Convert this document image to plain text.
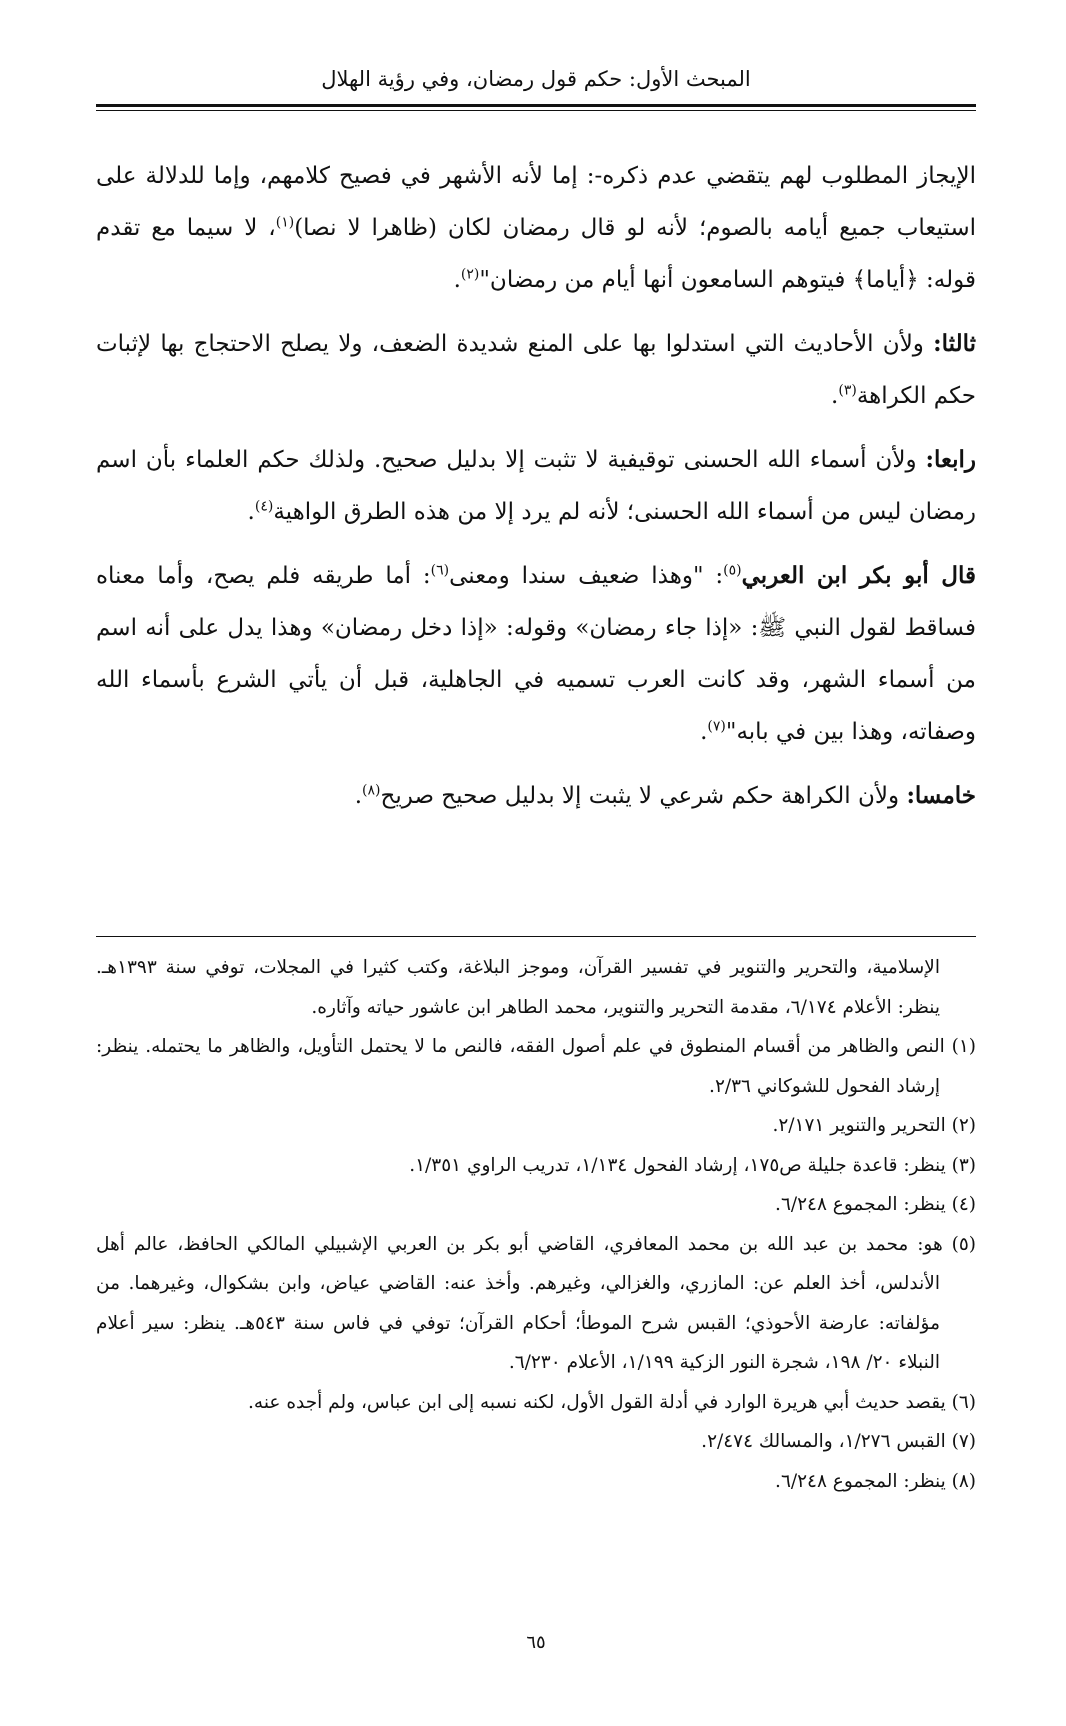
المبحث الأول: حكم قول رمضان، وفي رؤية الهلال

الإيجاز المطلوب لهم يتقضي عدم ذكره-: إما لأنه الأشهر في فصيح كلامهم، وإما للدلالة على استيعاب جميع أيامه بالصوم؛ لأنه لو قال رمضان لكان (ظاهرا لا نصا)$^{(١)}$، لا سيما مع تقدم قوله: ﴿أياما﴾ فيتوهم السامعون أنها أيام من رمضان"$^{(٢)}$.

ثالثا: ولأن الأحاديث التي استدلوا بها على المنع شديدة الضعف، ولا يصلح الاحتجاج بها لإثبات حكم الكراهة$^{(٣)}$.

رابعا: ولأن أسماء الله الحسنى توقيفية لا تثبت إلا بدليل صحيح. ولذلك حكم العلماء بأن اسم رمضان ليس من أسماء الله الحسنى؛ لأنه لم يرد إلا من هذه الطرق الواهية$^{(٤)}$.

قال أبو بكر ابن العربي$^{(٥)}$: "وهذا ضعيف سندا ومعنى$^{(٦)}$: أما طريقه فلم يصح، وأما معناه فساقط لقول النبي ﷺ: «إذا جاء رمضان» وقوله: «إذا دخل رمضان» وهذا يدل على أنه اسم من أسماء الشهر، وقد كانت العرب تسميه في الجاهلية، قبل أن يأتي الشرع بأسماء الله وصفاته، وهذا بين في بابه"$^{(٧)}$.

خامسا: ولأن الكراهة حكم شرعي لا يثبت إلا بدليل صحيح صريح$^{(٨)}$.

الإسلامية، والتحرير والتنوير في تفسير القرآن، وموجز البلاغة، وكتب كثيرا في المجلات، توفي سنة ١٣٩٣هـ. ينظر: الأعلام ٦/١٧٤، مقدمة التحرير والتنوير، محمد الطاهر ابن عاشور حياته وآثاره.

(١) النص والظاهر من أقسام المنطوق في علم أصول الفقه، فالنص ما لا يحتمل التأويل، والظاهر ما يحتمله. ينظر: إرشاد الفحول للشوكاني ٢/٣٦.

(٢) التحرير والتنوير ٢/١٧١.

(٣) ينظر: قاعدة جليلة ص١٧٥، إرشاد الفحول ١/١٣٤، تدريب الراوي ١/٣٥١.

(٤) ينظر: المجموع ٦/٢٤٨.

(٥) هو: محمد بن عبد الله بن محمد المعافري، القاضي أبو بكر بن العربي الإشبيلي المالكي الحافظ، عالم أهل الأندلس، أخذ العلم عن: المازري، والغزالي، وغيرهم. وأخذ عنه: القاضي عياض، وابن بشكوال، وغيرهما. من مؤلفاته: عارضة الأحوذي؛ القبس شرح الموطأ؛ أحكام القرآن؛ توفي في فاس سنة ٥٤٣هـ. ينظر: سير أعلام النبلاء ٢٠/ ١٩٨، شجرة النور الزكية ١/١٩٩، الأعلام ٦/٢٣٠.

(٦) يقصد حديث أبي هريرة الوارد في أدلة القول الأول، لكنه نسبه إلى ابن عباس، ولم أجده عنه.

(٧) القبس ١/٢٧٦، والمسالك ٢/٤٧٤.

(٨) ينظر: المجموع ٦/٢٤٨.

٦٥
